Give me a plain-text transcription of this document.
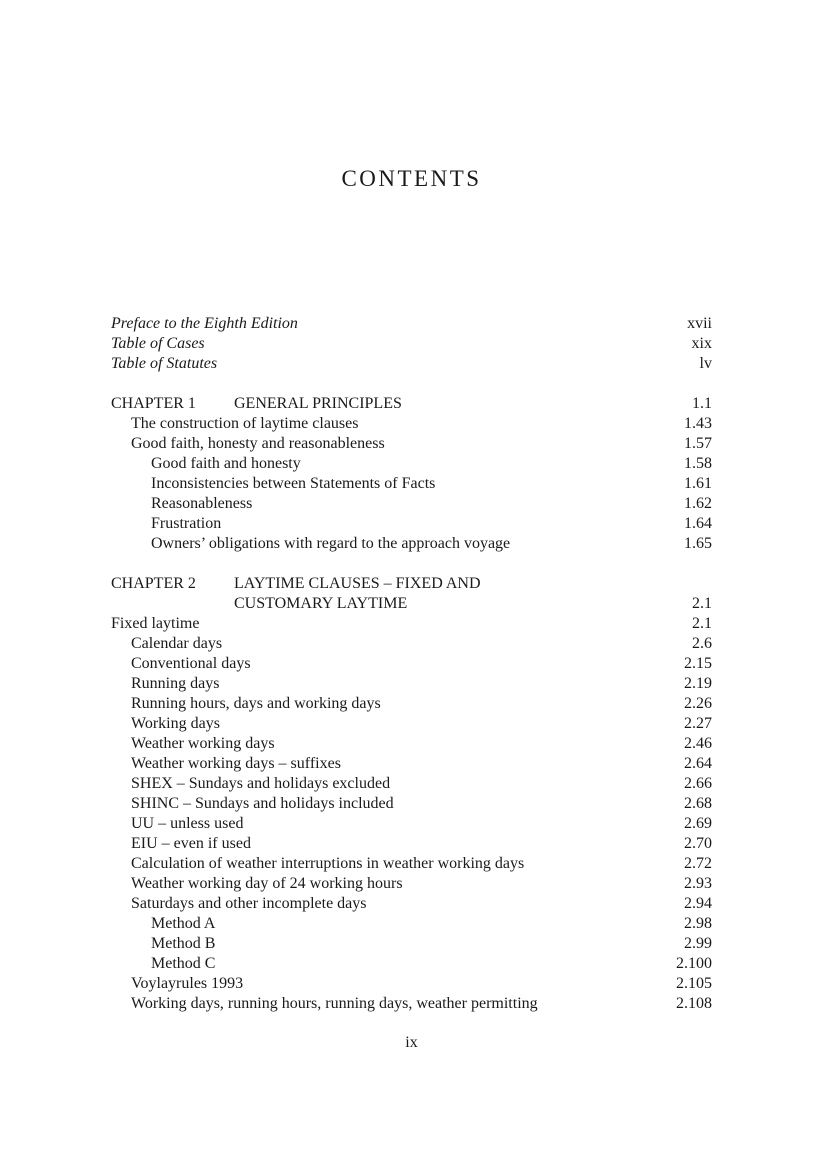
CONTENTS
Preface to the Eighth Edition	xvii
Table of Cases	xix
Table of Statutes	lv
CHAPTER 1	GENERAL PRINCIPLES	1.1
The construction of laytime clauses	1.43
Good faith, honesty and reasonableness	1.57
Good faith and honesty	1.58
Inconsistencies between Statements of Facts	1.61
Reasonableness	1.62
Frustration	1.64
Owners’ obligations with regard to the approach voyage	1.65
CHAPTER 2	LAYTIME CLAUSES – FIXED AND
CUSTOMARY LAYTIME	2.1
Fixed laytime	2.1
Calendar days	2.6
Conventional days	2.15
Running days	2.19
Running hours, days and working days	2.26
Working days	2.27
Weather working days	2.46
Weather working days – suffixes	2.64
SHEX – Sundays and holidays excluded	2.66
SHINC – Sundays and holidays included	2.68
UU – unless used	2.69
EIU – even if used	2.70
Calculation of weather interruptions in weather working days	2.72
Weather working day of 24 working hours	2.93
Saturdays and other incomplete days	2.94
Method A	2.98
Method B	2.99
Method C	2.100
Voylayrules 1993	2.105
Working days, running hours, running days, weather permitting	2.108
ix
